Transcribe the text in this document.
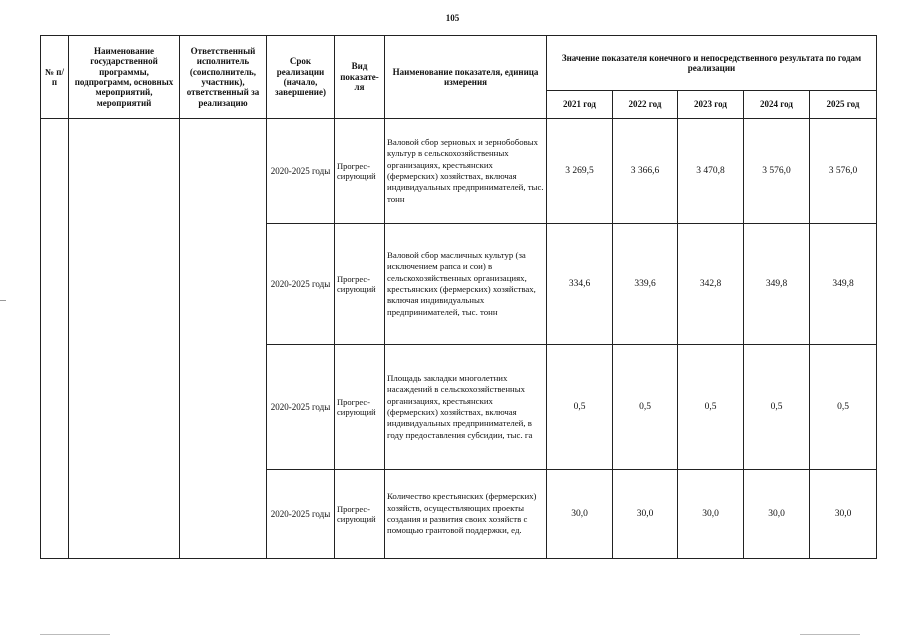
105
№ п/п	Наименование государственной программы, подпрограмм, основных мероприятий, мероприятий	Ответственный исполнитель (соисполнитель, участник), ответственный за реализацию	Срок реализации (начало, завершение)	Вид показате-ля	Наименование показателя, единица измерения	Значение показателя конечного и непосредственного результата по годам реализации				
						2021 год	2022 год	2023 год	2024 год	2025 год
			2020-2025 годы	Прогрес-сирующий	Валовой сбор зерновых и зернобобовых культур в сельскохозяйственных организациях, крестьянских (фермерских) хозяйствах, включая индивидуальных предпринимателей, тыс. тонн	3 269,5	3 366,6	3 470,8	3 576,0	3 576,0
			2020-2025 годы	Прогрес-сирующий	Валовой сбор масличных культур (за исключением рапса и сои) в сельскохозяйственных организациях, крестьянских (фермерских) хозяйствах, включая индивидуальных предпринимателей, тыс. тонн	334,6	339,6	342,8	349,8	349,8
			2020-2025 годы	Прогрес-сирующий	Площадь закладки многолетних насаждений в сельскохозяйственных организациях, крестьянских (фермерских) хозяйствах, включая индивидуальных предпринимателей, в году предоставления субсидии, тыс. га	0,5	0,5	0,5	0,5	0,5
			2020-2025 годы	Прогрес-сирующий	Количество крестьянских (фермерских) хозяйств, осуществляющих проекты создания и развития своих хозяйств с помощью грантовой поддержки, ед.	30,0	30,0	30,0	30,0	30,0
